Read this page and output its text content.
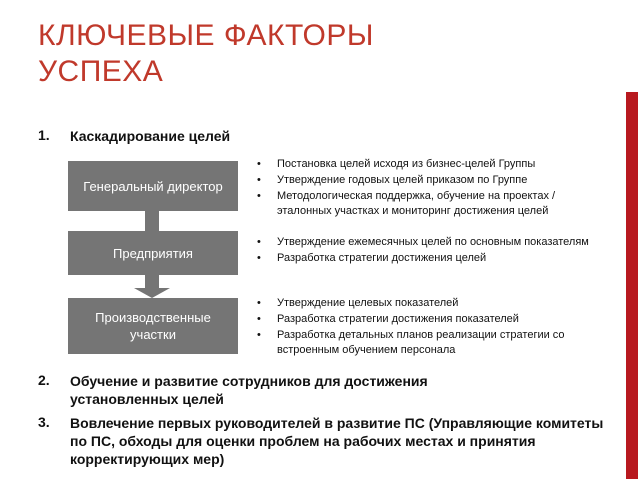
КЛЮЧЕВЫЕ ФАКТОРЫ
УСПЕХА
1. Каскадирование целей
Генеральный директор
Предприятия
Производственные участки
• Постановка целей исходя из бизнес-целей Группы
• Утверждение годовых целей приказом по Группе
• Методологическая поддержка, обучение на проектах / эталонных участках и мониторинг достижения целей
• Утверждение ежемесячных целей по основным показателям
• Разработка стратегии достижения целей
• Утверждение целевых показателей
• Разработка стратегии достижения показателей
• Разработка детальных планов реализации стратегии со встроенным обучением персонала
2. Обучение и развитие сотрудников для достижения установленных целей
3. Вовлечение первых руководителей в развитие ПС (Управляющие комитеты по ПС, обходы для оценки проблем на рабочих местах и принятия корректирующих мер)
